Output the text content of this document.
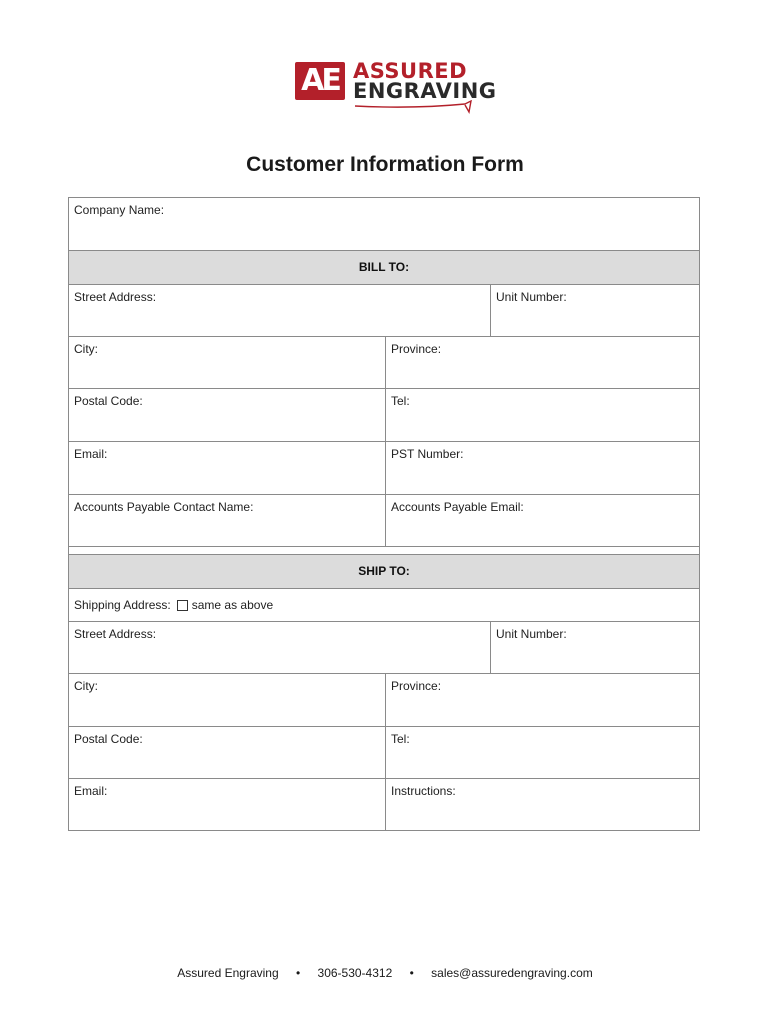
AE ASSURED
ENGRAVING
Customer Information Form
Company Name:
BILL TO:
Street Address:	Unit Number:
City:	Province:
Postal Code:	Tel:
Email:	PST Number:
Accounts Payable Contact Name:	Accounts Payable Email:
SHIP TO:
Shipping Address: same as above
Street Address:	Unit Number:
City:	Province:
Postal Code:	Tel:
Email:	Instructions:
Assured Engraving • 306-530-4312 • sales@assuredengraving.com
